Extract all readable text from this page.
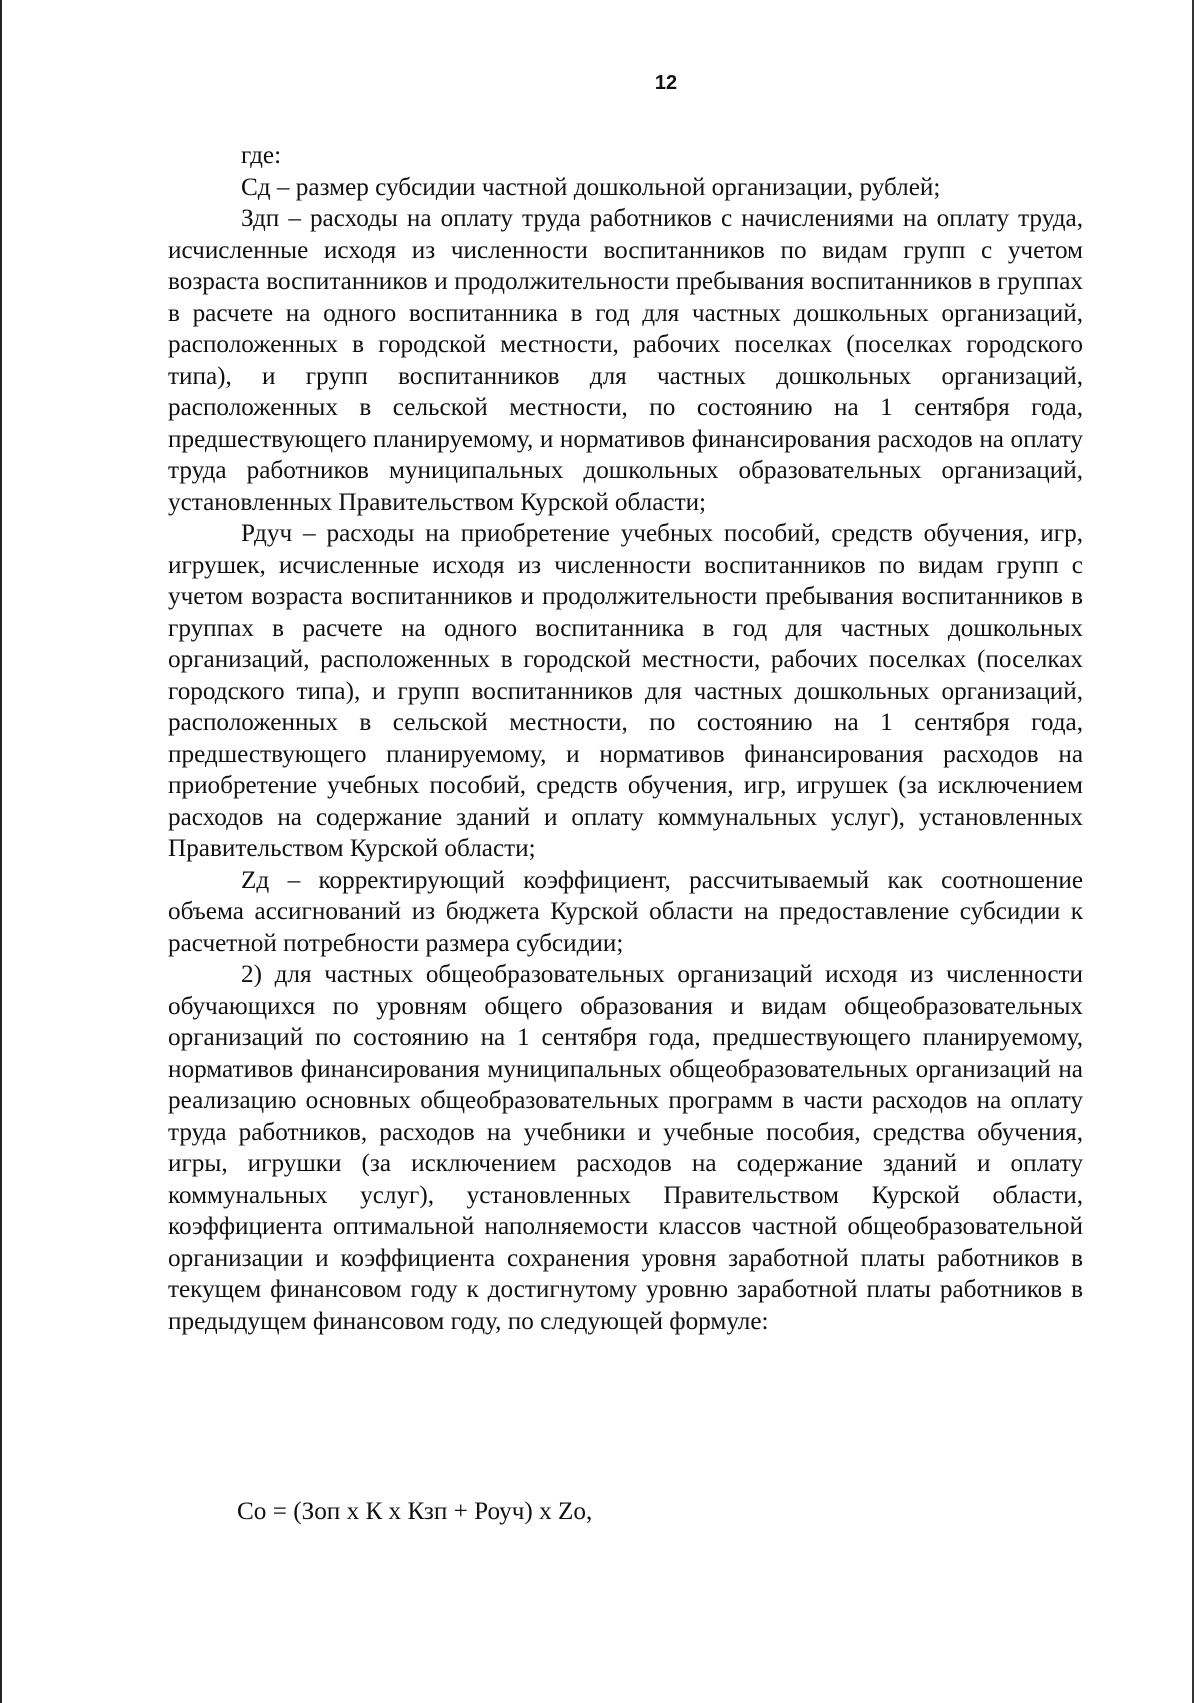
12

где:

Сд – размер субсидии частной дошкольной организации, рублей;

Здп – расходы на оплату труда работников с начислениями на оплату труда, исчисленные исходя из численности воспитанников по видам групп с учетом возраста воспитанников и продолжительности пребывания воспитанников в группах в расчете на одного воспитанника в год для частных дошкольных организаций, расположенных в городской местности, рабочих поселках (поселках городского типа), и групп воспитанников для частных дошкольных организаций, расположенных в сельской местности, по состоянию на 1 сентября года, предшествующего планируемому, и нормативов финансирования расходов на оплату труда работников муниципальных дошкольных образовательных организаций, установленных Правительством Курской области;

Рдуч – расходы на приобретение учебных пособий, средств обучения, игр, игрушек, исчисленные исходя из численности воспитанников по видам групп с учетом возраста воспитанников и продолжительности пребывания воспитанников в группах в расчете на одного воспитанника в год для частных дошкольных организаций, расположенных в городской местности, рабочих поселках (поселках городского типа), и групп воспитанников для частных дошкольных организаций, расположенных в сельской местности, по состоянию на 1 сентября года, предшествующего планируемому, и нормативов финансирования расходов на приобретение учебных пособий, средств обучения, игр, игрушек (за исключением расходов на содержание зданий и оплату коммунальных услуг), установленных Правительством Курской области;

Zд – корректирующий коэффициент, рассчитываемый как соотношение объема ассигнований из бюджета Курской области на предоставление субсидии к расчетной потребности размера субсидии;

2) для частных общеобразовательных организаций исходя из численности обучающихся по уровням общего образования и видам общеобразовательных организаций по состоянию на 1 сентября года, предшествующего планируемому, нормативов финансирования муниципальных общеобразовательных организаций на реализацию основных общеобразовательных программ в части расходов на оплату труда работников, расходов на учебники и учебные пособия, средства обучения, игры, игрушки (за исключением расходов на содержание зданий и оплату коммунальных услуг), установленных Правительством Курской области, коэффициента оптимальной наполняемости классов частной общеобразовательной организации и коэффициента сохранения уровня заработной платы работников в текущем финансовом году к достигнутому уровню заработной платы работников в предыдущем финансовом году, по следующей формуле:

Со = (Зоп х К х Кзп + Роуч) х Zо,
